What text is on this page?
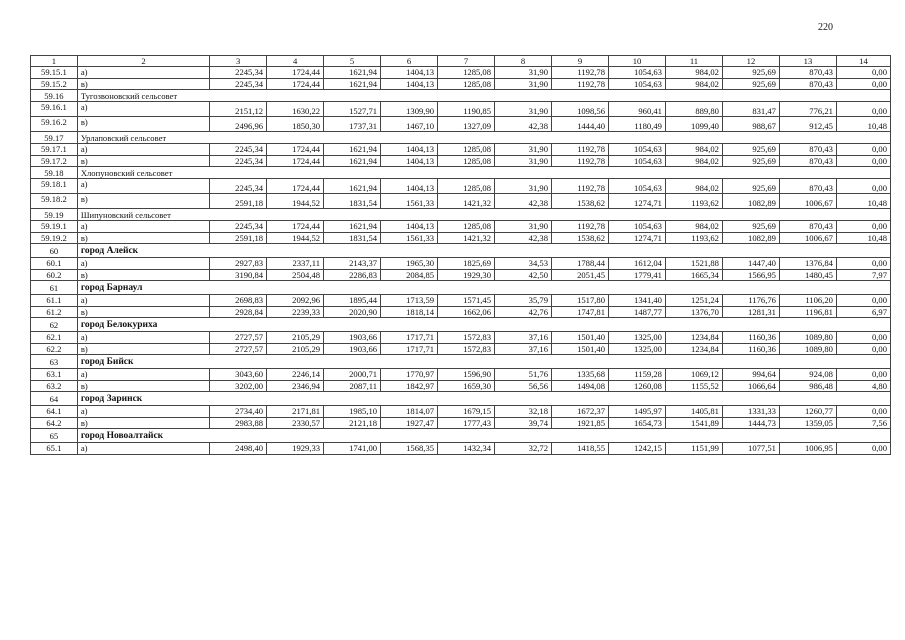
220
1	2	3	4	5	6	7	8	9	10	11	12	13	14
59.15.1	а)	2245,34	1724,44	1621,94	1404,13	1285,08	31,90	1192,78	1054,63	984,02	925,69	870,43	0,00
59.15.2	в)	2245,34	1724,44	1621,94	1404,13	1285,08	31,90	1192,78	1054,63	984,02	925,69	870,43	0,00
59.16	Тугозвоновский сельсовет												
59.16.1	а)	2151,12	1630,22	1527,71	1309,90	1190,85	31,90	1098,56	960,41	889,80	831,47	776,21	0,00
59.16.2	в)	2496,96	1850,30	1737,31	1467,10	1327,09	42,38	1444,40	1180,49	1099,40	988,67	912,45	10,48
59.17	Урлаповский сельсовет												
59.17.1	а)	2245,34	1724,44	1621,94	1404,13	1285,08	31,90	1192,78	1054,63	984,02	925,69	870,43	0,00
59.17.2	в)	2245,34	1724,44	1621,94	1404,13	1285,08	31,90	1192,78	1054,63	984,02	925,69	870,43	0,00
59.18	Хлопуновский сельсовет												
59.18.1	а)	2245,34	1724,44	1621,94	1404,13	1285,08	31,90	1192,78	1054,63	984,02	925,69	870,43	0,00
59.18.2	в)	2591,18	1944,52	1831,54	1561,33	1421,32	42,38	1538,62	1274,71	1193,62	1082,89	1006,67	10,48
59.19	Шипуновский сельсовет												
59.19.1	а)	2245,34	1724,44	1621,94	1404,13	1285,08	31,90	1192,78	1054,63	984,02	925,69	870,43	0,00
59.19.2	в)	2591,18	1944,52	1831,54	1561,33	1421,32	42,38	1538,62	1274,71	1193,62	1082,89	1006,67	10,48
60	город Алейск												
60.1	а)	2927,83	2337,11	2143,37	1965,30	1825,69	34,53	1788,44	1612,04	1521,88	1447,40	1376,84	0,00
60.2	в)	3190,84	2504,48	2286,83	2084,85	1929,30	42,50	2051,45	1779,41	1665,34	1566,95	1480,45	7,97
61	город Барнаул												
61.1	а)	2698,83	2092,96	1895,44	1713,59	1571,45	35,79	1517,80	1341,40	1251,24	1176,76	1106,20	0,00
61.2	в)	2928,84	2239,33	2020,90	1818,14	1662,06	42,76	1747,81	1487,77	1376,70	1281,31	1196,81	6,97
62	город Белокуриха												
62.1	а)	2727,57	2105,29	1903,66	1717,71	1572,83	37,16	1501,40	1325,00	1234,84	1160,36	1089,80	0,00
62.2	в)	2727,57	2105,29	1903,66	1717,71	1572,83	37,16	1501,40	1325,00	1234,84	1160,36	1089,80	0,00
63	город Бийск												
63.1	а)	3043,60	2246,14	2000,71	1770,97	1596,90	51,76	1335,68	1159,28	1069,12	994,64	924,08	0,00
63.2	в)	3202,00	2346,94	2087,11	1842,97	1659,30	56,56	1494,08	1260,08	1155,52	1066,64	986,48	4,80
64	город Заринск												
64.1	а)	2734,40	2171,81	1985,10	1814,07	1679,15	32,18	1672,37	1495,97	1405,81	1331,33	1260,77	0,00
64.2	в)	2983,88	2330,57	2121,18	1927,47	1777,43	39,74	1921,85	1654,73	1541,89	1444,73	1359,05	7,56
65	город Новоалтайск												
65.1	а)	2498,40	1929,33	1741,00	1568,35	1432,34	32,72	1418,55	1242,15	1151,99	1077,51	1006,95	0,00
